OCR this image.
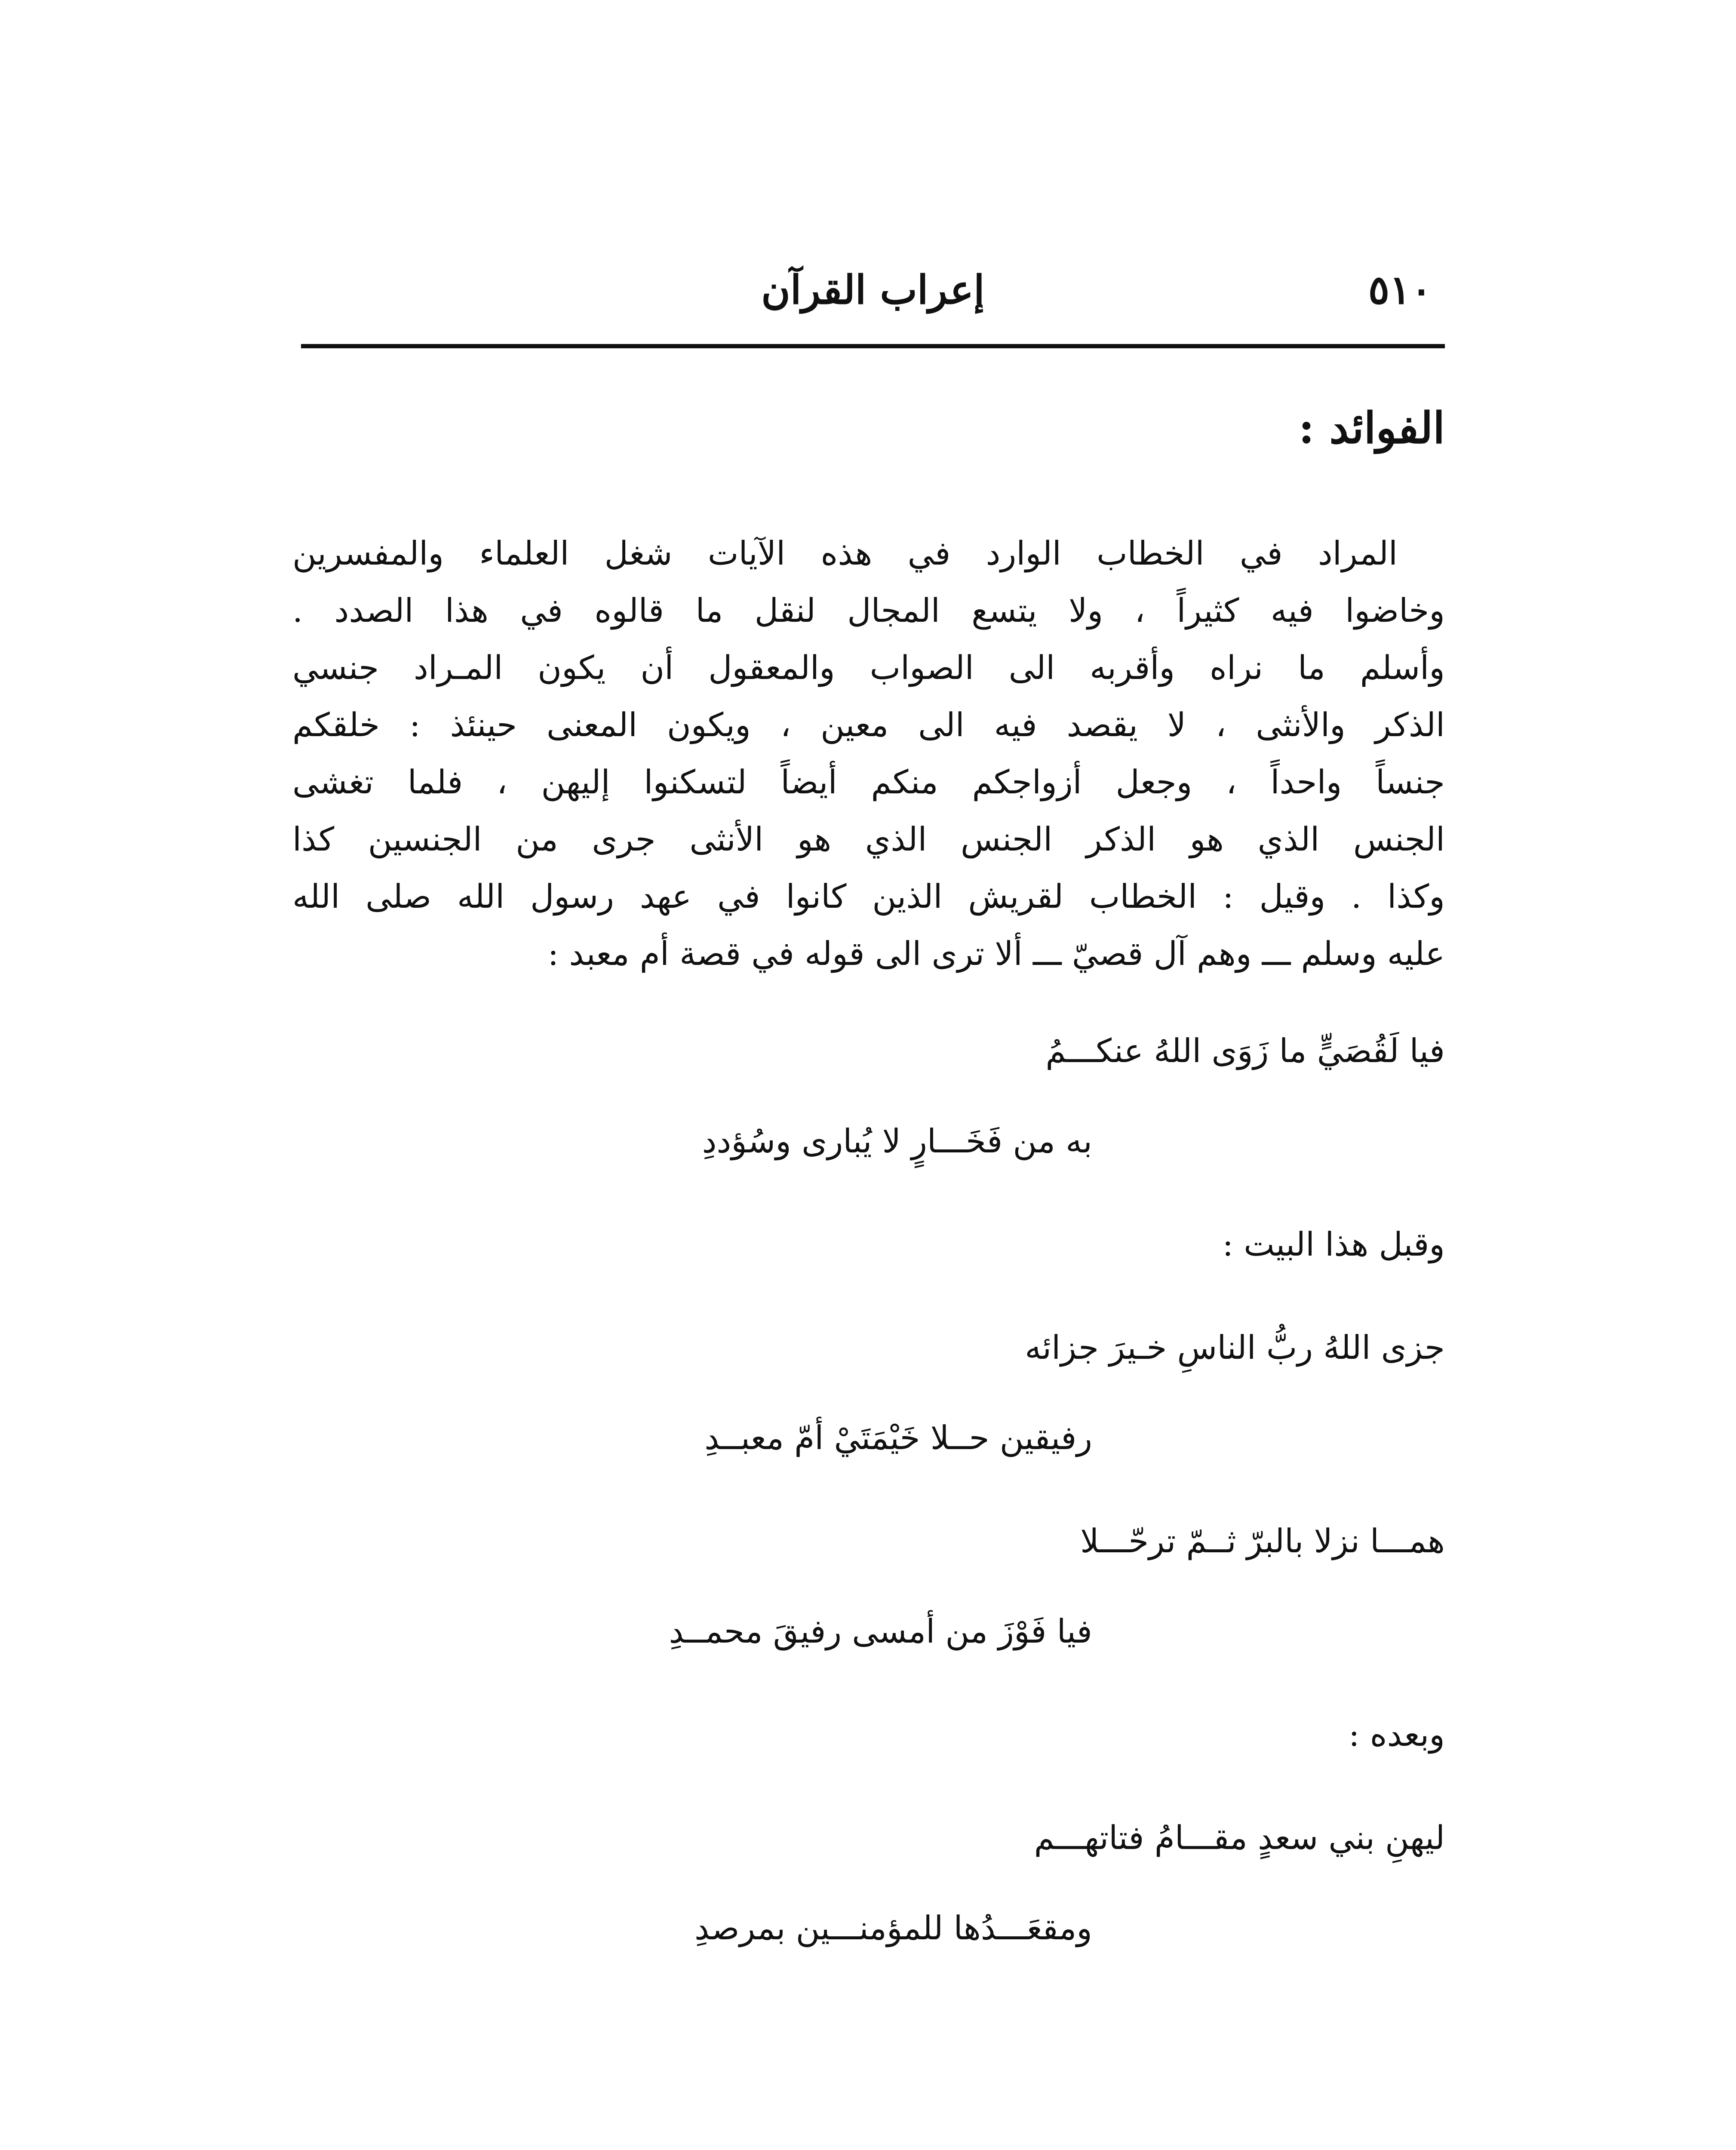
٥١٠
إعراب القرآن
الفوائد :

المراد في الخطاب الوارد في هذه الآيات شغل العلماء والمفسرين
وخاضوا فيه كثيراً ، ولا يتسع المجال لنقل ما قالوه في هذا الصدد .
وأسلم ما نراه وأقربه الى الصواب والمعقول أن يكون المـراد جنسي
الذكر والأنثى ، لا يقصد فيه الى معين ، ويكون المعنى حينئذ : خلقكم
جنساً واحداً ، وجعل أزواجكم منكم أيضاً لتسكنوا إليهن ، فلما تغشى
الجنس الذي هو الذكر الجنس الذي هو الأنثى جرى من الجنسين كذا
وكذا . وقيل : الخطاب لقريش الذين كانوا في عهد رسول الله صلى الله
عليه وسلم ـــ وهم آل قصيّ ـــ ألا ترى الى قوله في قصة أم معبد :

فيا لَقُصَيٍّ ما زَوَى اللهُ عنكـــمُ

به من فَخَـــارٍ لا يُبارى وسُؤددِ

وقبل هذا البيت :

جزى اللهُ ربُّ الناسِ خـيرَ جزائه

رفيقين حــلا خَيْمَتَيْ أمّ معبــدِ

همـــا نزلا بالبرّ ثــمّ ترحّـــلا

فيا فَوْزَ من أمسى رفيقَ محمــدِ

وبعده :

ليهنِ بني سعدٍ مقـــامُ فتاتهـــم

ومقعَـــدُها للمؤمنـــين بمرصدِ
